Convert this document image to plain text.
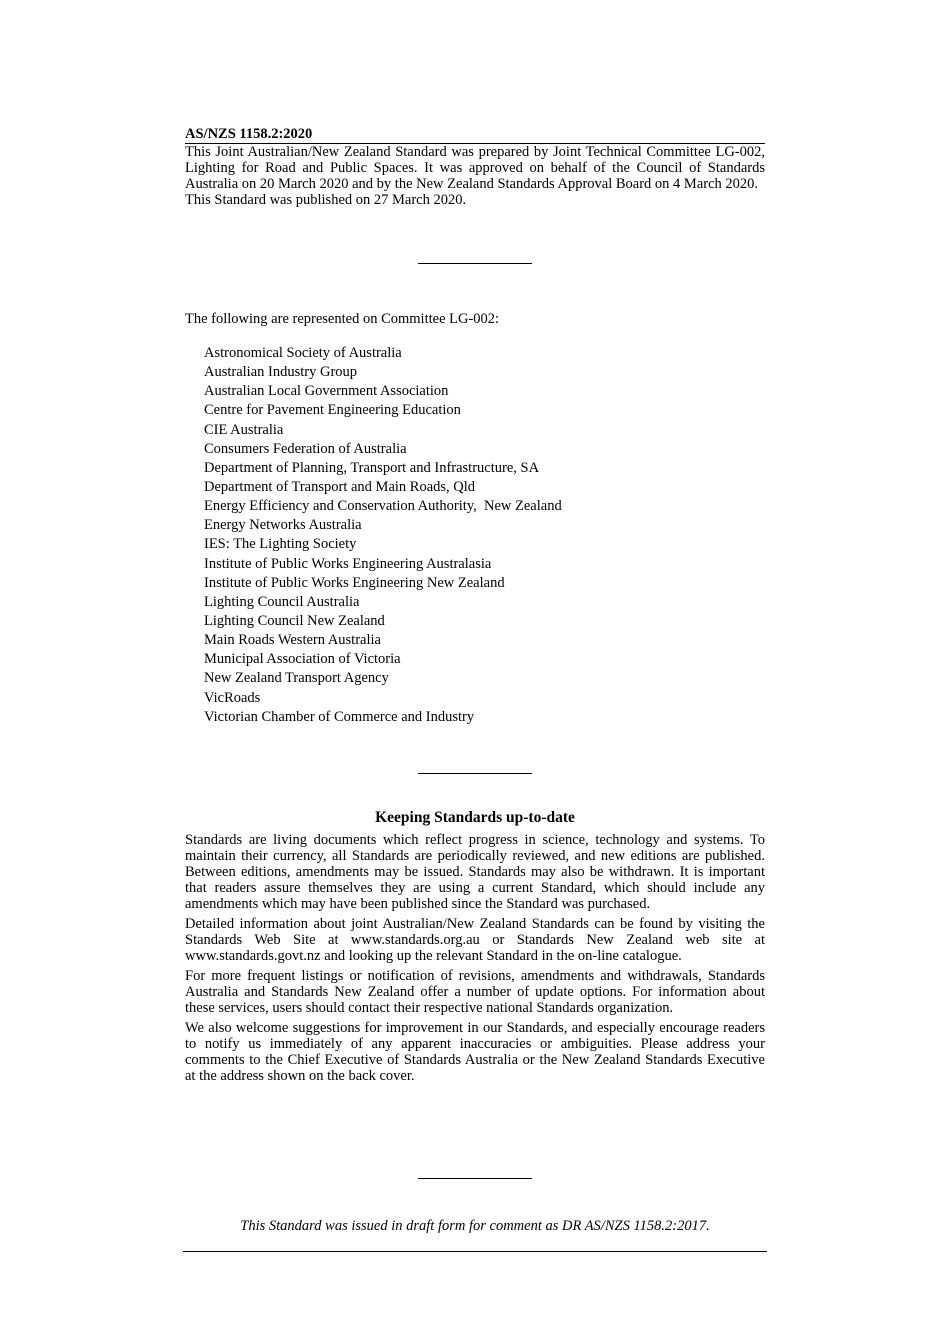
AS/NZS 1158.2:2020

This Joint Australian/New Zealand Standard was prepared by Joint Technical Committee LG-002, Lighting for Road and Public Spaces. It was approved on behalf of the Council of Standards Australia on 20 March 2020 and by the New Zealand Standards Approval Board on 4 March 2020.

This Standard was published on 27 March 2020.

The following are represented on Committee LG-002:
Astronomical Society of Australia
Australian Industry Group
Australian Local Government Association
Centre for Pavement Engineering Education
CIE Australia
Consumers Federation of Australia
Department of Planning, Transport and Infrastructure, SA
Department of Transport and Main Roads, Qld
Energy Efficiency and Conservation Authority,  New Zealand
Energy Networks Australia
IES: The Lighting Society
Institute of Public Works Engineering Australasia
Institute of Public Works Engineering New Zealand
Lighting Council Australia
Lighting Council New Zealand
Main Roads Western Australia
Municipal Association of Victoria
New Zealand Transport Agency
VicRoads
Victorian Chamber of Commerce and Industry
Keeping Standards up-to-date

Standards are living documents which reflect progress in science, technology and systems. To maintain their currency, all Standards are periodically reviewed, and new editions are published. Between editions, amendments may be issued. Standards may also be withdrawn. It is important that readers assure themselves they are using a current Standard, which should include any amendments which may have been published since the Standard was purchased.

Detailed information about joint Australian/New Zealand Standards can be found by visiting the Standards Web Site at www.standards.org.au or Standards New Zealand web site at www.standards.govt.nz and looking up the relevant Standard in the on-line catalogue.

For more frequent listings or notification of revisions, amendments and withdrawals, Standards Australia and Standards New Zealand offer a number of update options. For information about these services, users should contact their respective national Standards organization.

We also welcome suggestions for improvement in our Standards, and especially encourage readers to notify us immediately of any apparent inaccuracies or ambiguities. Please address your comments to the Chief Executive of Standards Australia or the New Zealand Standards Executive at the address shown on the back cover.

This Standard was issued in draft form for comment as DR AS/NZS 1158.2:2017.
